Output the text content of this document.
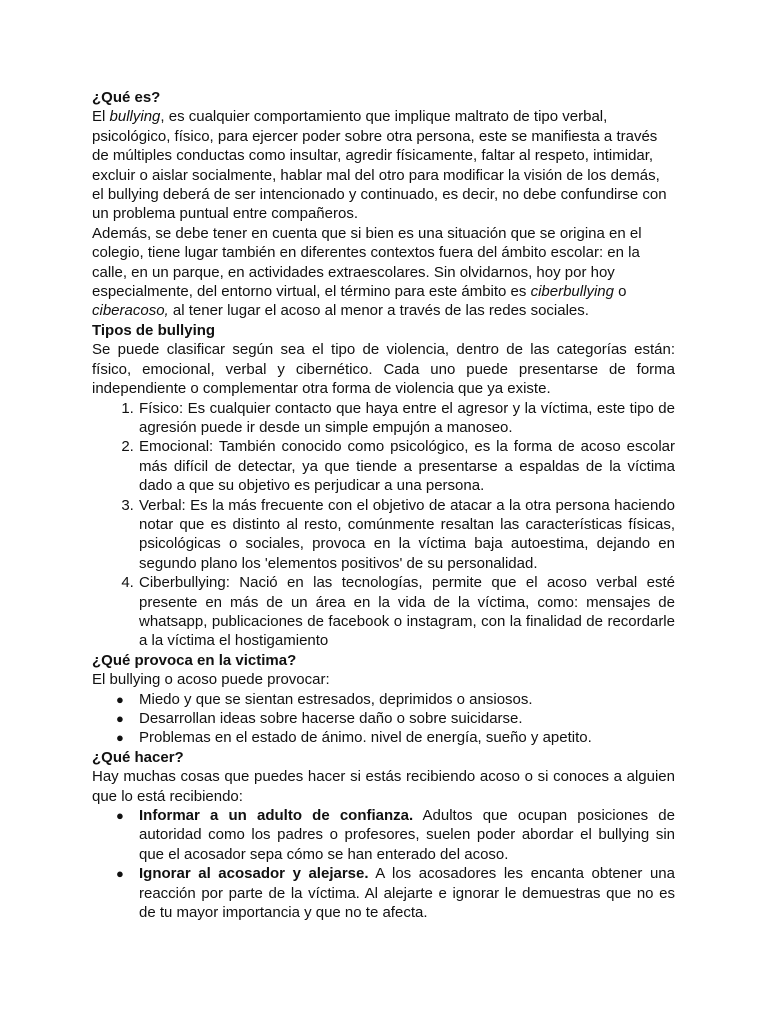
¿Qué es?

El bullying, es cualquier comportamiento que implique maltrato de tipo verbal, psicológico, físico, para ejercer poder sobre otra persona, este se manifiesta a través de múltiples conductas como insultar, agredir físicamente, faltar al respeto, intimidar, excluir o aislar socialmente, hablar mal del otro para modificar la visión de los demás, el bullying deberá de ser intencionado y continuado, es decir, no debe confundirse con un problema puntual entre compañeros.

Además, se debe tener en cuenta que si bien es una situación que se origina en el colegio, tiene lugar también en diferentes contextos fuera del ámbito escolar: en la calle, en un parque, en actividades extraescolares. Sin olvidarnos, hoy por hoy especialmente, del entorno virtual, el término para este ámbito es ciberbullying o ciberacoso, al tener lugar el acoso al menor a través de las redes sociales.

Tipos de bullying

Se puede clasificar según sea el tipo de violencia, dentro de las categorías están: físico, emocional, verbal y cibernético. Cada uno puede presentarse de forma independiente o complementar otra forma de violencia que ya existe.

1. Físico: Es cualquier contacto que haya entre el agresor y la víctima, este tipo de agresión puede ir desde un simple empujón a manoseo.
2. Emocional: También conocido como psicológico, es la forma de acoso escolar más difícil de detectar, ya que tiende a presentarse a espaldas de la víctima dado a que su objetivo es perjudicar a una persona.
3. Verbal: Es la más frecuente con el objetivo de atacar a la otra persona haciendo notar que es distinto al resto, comúnmente resaltan las características físicas, psicológicas o sociales, provoca en la víctima baja autoestima, dejando en segundo plano los 'elementos positivos' de su personalidad.
4. Ciberbullying: Nació en las tecnologías, permite que el acoso verbal esté presente en más de un área en la vida de la víctima, como: mensajes de whatsapp, publicaciones de facebook o instagram, con la finalidad de recordarle a la víctima el hostigamiento
¿Qué provoca en la victima?

El bullying o acoso puede provocar:

● Miedo y que se sientan estresados, deprimidos o ansiosos.
● Desarrollan ideas sobre hacerse daño o sobre suicidarse.
● Problemas en el estado de ánimo. nivel de energía, sueño y apetito.
¿Qué hacer?

Hay muchas cosas que puedes hacer si estás recibiendo acoso o si conoces a alguien que lo está recibiendo:

● Informar a un adulto de confianza. Adultos que ocupan posiciones de autoridad como los padres o profesores, suelen poder abordar el bullying sin que el acosador sepa cómo se han enterado del acoso.
● Ignorar al acosador y alejarse. A los acosadores les encanta obtener una reacción por parte de la víctima. Al alejarte e ignorar le demuestras que no es de tu mayor importancia y que no te afecta.
